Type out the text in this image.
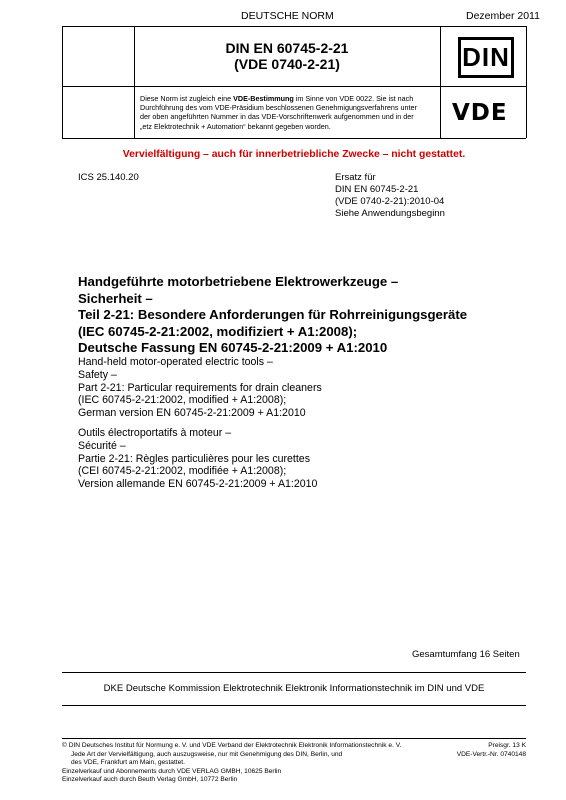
DEUTSCHE NORM	Dezember 2011
DIN EN 60745-2-21
(VDE 0740-2-21)	DIN
Diese Norm ist zugleich eine VDE-Bestimmung im Sinne von VDE 0022. Sie ist nach
Durchführung des vom VDE-Präsidium beschlossenen Genehmigungsverfahrens unter
der oben angeführten Nummer in das VDE-Vorschriftenwerk aufgenommen und in der
„etz Elektrotechnik + Automation“ bekannt gegeben worden.
VDE
Vervielfältigung – auch für innerbetriebliche Zwecke – nicht gestattet.
ICS 25.140.20	Ersatz für
DIN EN 60745-2-21
(VDE 0740-2-21):2010-04
Siehe Anwendungsbeginn
Handgeführte motorbetriebene Elektrowerkzeuge –
Sicherheit –
Teil 2-21: Besondere Anforderungen für Rohrreinigungsgeräte
(IEC 60745-2-21:2002, modifiziert + A1:2008);
Deutsche Fassung EN 60745-2-21:2009 + A1:2010
Hand-held motor-operated electric tools –
Safety –
Part 2-21: Particular requirements for drain cleaners
(IEC 60745-2-21:2002, modified + A1:2008);
German version EN 60745-2-21:2009 + A1:2010
Outils électroportatifs à moteur –
Sécurité –
Partie 2-21: Règles particulières pour les curettes
(CEI 60745-2-21:2002, modifiée + A1:2008);
Version allemande EN 60745-2-21:2009 + A1:2010
Gesamtumfang 16 Seiten
DKE Deutsche Kommission Elektrotechnik Elektronik Informationstechnik im DIN und VDE
© DIN Deutsches Institut für Normung e. V. und VDE Verband der Elektrotechnik Elektronik Informationstechnik e. V.
Jede Art der Vervielfältigung, auch auszugsweise, nur mit Genehmigung des DIN, Berlin, und
des VDE, Frankfurt am Main, gestattet.
Einzelverkauf und Abonnements durch VDE VERLAG GMBH, 10625 Berlin
Einzelverkauf auch durch Beuth Verlag GmbH, 10772 Berlin
Preisgr. 13 K
VDE-Vertr.-Nr. 0740148
